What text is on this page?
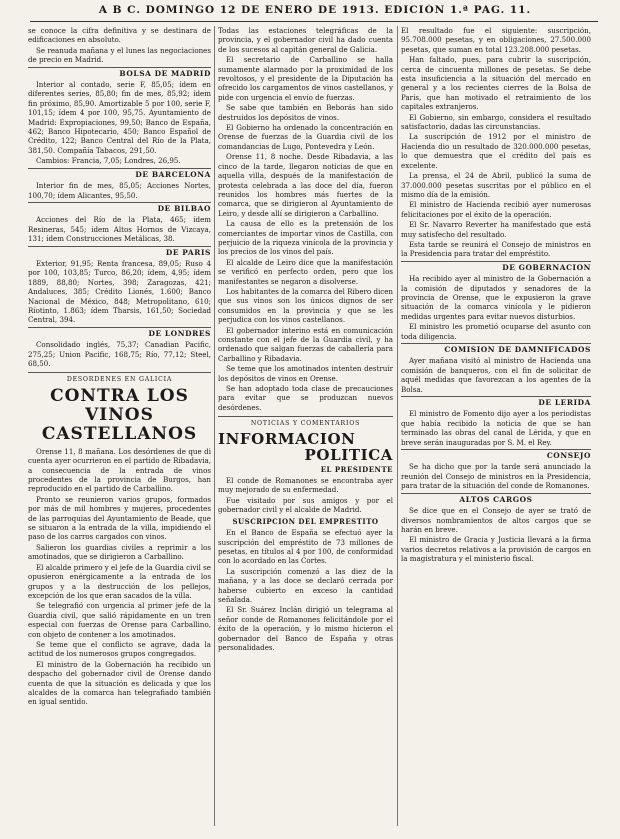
A B C. DOMINGO 12 DE ENERO DE 1913. EDICIÓN 1.ª PAG. 11.

se conoce la cifra definitiva y se destinara de edificaciones en absoluto.

Se reanuda mañana y el lunes las negociaciones de precio en Madrid.

BOLSA DE MADRID

Interior al contado, serie F, 85,05; ídem en diferentes series, 85,80; fin de mes, 85,92; ídem fin próximo, 85,90. Amortizable 5 por 100, serie F, 101,15; ídem 4 por 100, 95,75. Ayuntamiento de Madrid: Expropiaciones, 99,50; Banco de España, 462; Banco Hipotecario, 450; Banco Español de Crédito, 122; Banco Central del Río de la Plata, 381,50. Compañía Tabacos, 291,50.

Cambios: Francia, 7,05; Londres, 26,95.

DE BARCELONA

Interior fin de mes, 85,05; Acciones Nortes, 100,70; ídem Alicantes, 95,50.

DE BILBAO

Acciones del Río de la Plata, 465; ídem Resineras, 545; ídem Altos Hornos de Vizcaya, 131; ídem Construcciones Metálicas, 38.

DE PARIS

Exterior, 91,95; Renta francesa, 89,05; Ruso 4 por 100, 103,85; Turco, 86,20; ídem, 4,95; ídem 1889, 88,80; Nortes, 398; Zaragozas, 421; Andaluces, 385; Crédito Lionés, 1.600; Banco Nacional de México, 848; Metropolitano, 610; Ríotinto, 1.863; ídem Tharsis, 161,50; Sociedad Central, 394.

DE LONDRES

Consolidado inglés, 75,37; Canadian Pacific, 275,25; Union Pacific, 168,75; Río, 77,12; Steel, 68,50.

DESORDENES EN GALICIA
CONTRA LOS VINOS
CASTELLANOS

Orense 11, 8 mañana. Los desórdenes de que di cuenta ayer ocurrieron en el partido de Ribadavia, a consecuencia de la entrada de vinos procedentes de la provincia de Burgos, han reproducido en el partido de Carballino.

Pronto se reunieron varios grupos, formados por más de mil hombres y mujeres, procedentes de las parroquias del Ayuntamiento de Beade, que se situaron a la entrada de la villa, impidiendo el paso de los carros cargados con vinos.

Salieron los guardias civiles a reprimir a los amotinados, que se dirigieron a Carballino.

El alcalde primero y el jefe de la Guardia civil se opusieron enérgicamente a la entrada de los grupos y a la destrucción de los pellejos, excepción de los que eran sacados de la villa.

Se telegrafió con urgencia al primer jefe de la Guardia civil, que salió rápidamente en un tren especial con fuerzas de Orense para Carballino, con objeto de contener a los amotinados.

Se teme que el conflicto se agrave, dada la actitud de los numerosos grupos congregados.

El ministro de la Gobernación ha recibido un despacho del gobernador civil de Orense dando cuenta de que la situación es delicada y que los alcaldes de la comarca han telegrafiado también en igual sentido.

Todas las estaciones telegráficas de la provincia, y el gobernador civil ha dado cuenta de los sucesos al capitán general de Galicia.

El secretario de Carballino se halla sumamente alarmado por la proximidad de los revoltosos, y el presidente de la Diputación ha ofrecido los cargamentos de vinos castellanos, y pide con urgencia el envío de fuerzas.

Se sabe que también en Beborás han sido destruidos los depósitos de vinos.

El Gobierno ha ordenado la concentración en Orense de fuerzas de la Guardia civil de los comandancias de Lugo, Pontevedra y León.

Orense 11, 8 noche. Desde Ribadavia, a las cinco de la tarde, llegaron noticias de que en aquella villa, después de la manifestación de protesta celebrada a las doce del día, fueron reunidos los hombres más fuertes de la comarca, que se dirigieron al Ayuntamiento de Leiro, y desde allí se dirigieron a Carballino.

La causa de ello es la pretensión de los comerciantes de importar vinos de Castilla, con perjuicio de la riqueza vinícola de la provincia y los precios de los vinos del país.

El alcalde de Leiro dice que la manifestación se verificó en perfecto orden, pero que los manifestantes se negaron a disolverse.

Los habitantes de la comarca del Ribero dicen que sus vinos son los únicos dignos de ser consumidos en la provincia y que se les perjudica con los vinos castellanos.

El gobernador interino está en comunicación constante con el jefe de la Guardia civil, y ha ordenado que salgan fuerzas de caballería para Carballino y Ribadavia.

Se teme que los amotinados intenten destruir los depósitos de vinos en Orense.

Se han adoptado toda clase de precauciones para evitar que se produzcan nuevos desórdenes.

NOTICIAS Y COMENTARIOS
INFORMACION
POLITICA
EL PRESIDENTE

El conde de Romanones se encontraba ayer muy mejorado de su enfermedad.

Fue visitado por sus amigos y por el gobernador civil y el alcalde de Madrid.

SUSCRIPCION DEL EMPRESTITO

En el Banco de España se efectuó ayer la suscripción del empréstito de 73 millones de pesetas, en títulos al 4 por 100, de conformidad con lo acordado en las Cortes.

La suscripción comenzó a las diez de la mañana, y a las doce se declaró cerrada por haberse cubierto en exceso la cantidad señalada.

El Sr. Suárez Inclán dirigió un telegrama al señor conde de Romanones felicitándole por el éxito de la operación, y lo mismo hicieron el gobernador del Banco de España y otras personalidades.

El resultado fue el siguiente: suscripción, 95.708.000 pesetas, y en obligaciones, 27.500.000 pesetas, que suman en total 123.208.000 pesetas.

Han faltado, pues, para cubrir la suscripción, cerca de cincuenta millones de pesetas. Se debe esta insuficiencia a la situación del mercado en general y a los recientes cierres de la Bolsa de París, que han motivado el retraimiento de los capitales extranjeros.

El Gobierno, sin embargo, considera el resultado satisfactorio, dadas las circunstancias.

La suscripción de 1912 por el ministro de Hacienda dio un resultado de 320.000.000 pesetas, lo que demuestra que el crédito del país es excelente.

La prensa, el 24 de Abril, publicó la suma de 37.000.000 pesetas suscritas por el público en el mismo día de la emisión.

El ministro de Hacienda recibió ayer numerosas felicitaciones por el éxito de la operación.

El Sr. Navarro Reverter ha manifestado que está muy satisfecho del resultado.

Esta tarde se reunirá el Consejo de ministros en la Presidencia para tratar del empréstito.

DE GOBERNACION

Ha recibido ayer al ministro de la Gobernación a la comisión de diputados y senadores de la provincia de Orense, que le expusieron la grave situación de la comarca vinícola y le pidieron medidas urgentes para evitar nuevos disturbios.

El ministro les prometió ocuparse del asunto con toda diligencia.

COMISION DE DAMNIFICADOS

Ayer mañana visitó al ministro de Hacienda una comisión de banqueros, con el fin de solicitar de aquél medidas que favorezcan a los agentes de la Bolsa.

DE LERIDA

El ministro de Fomento dijo ayer a los periodistas que había recibido la noticia de que se han terminado las obras del canal de Lérida, y que en breve serán inauguradas por S. M. el Rey.

CONSEJO

Se ha dicho que por la tarde será anunciado la reunión del Consejo de ministros en la Presidencia, para tratar de la situación del conde de Romanones.

ALTOS CARGOS

Se dice que en el Consejo de ayer se trató de diversos nombramientos de altos cargos que se harán en breve.

El ministro de Gracia y Justicia llevará a la firma varios decretos relativos a la provisión de cargos en la magistratura y el ministerio fiscal.
